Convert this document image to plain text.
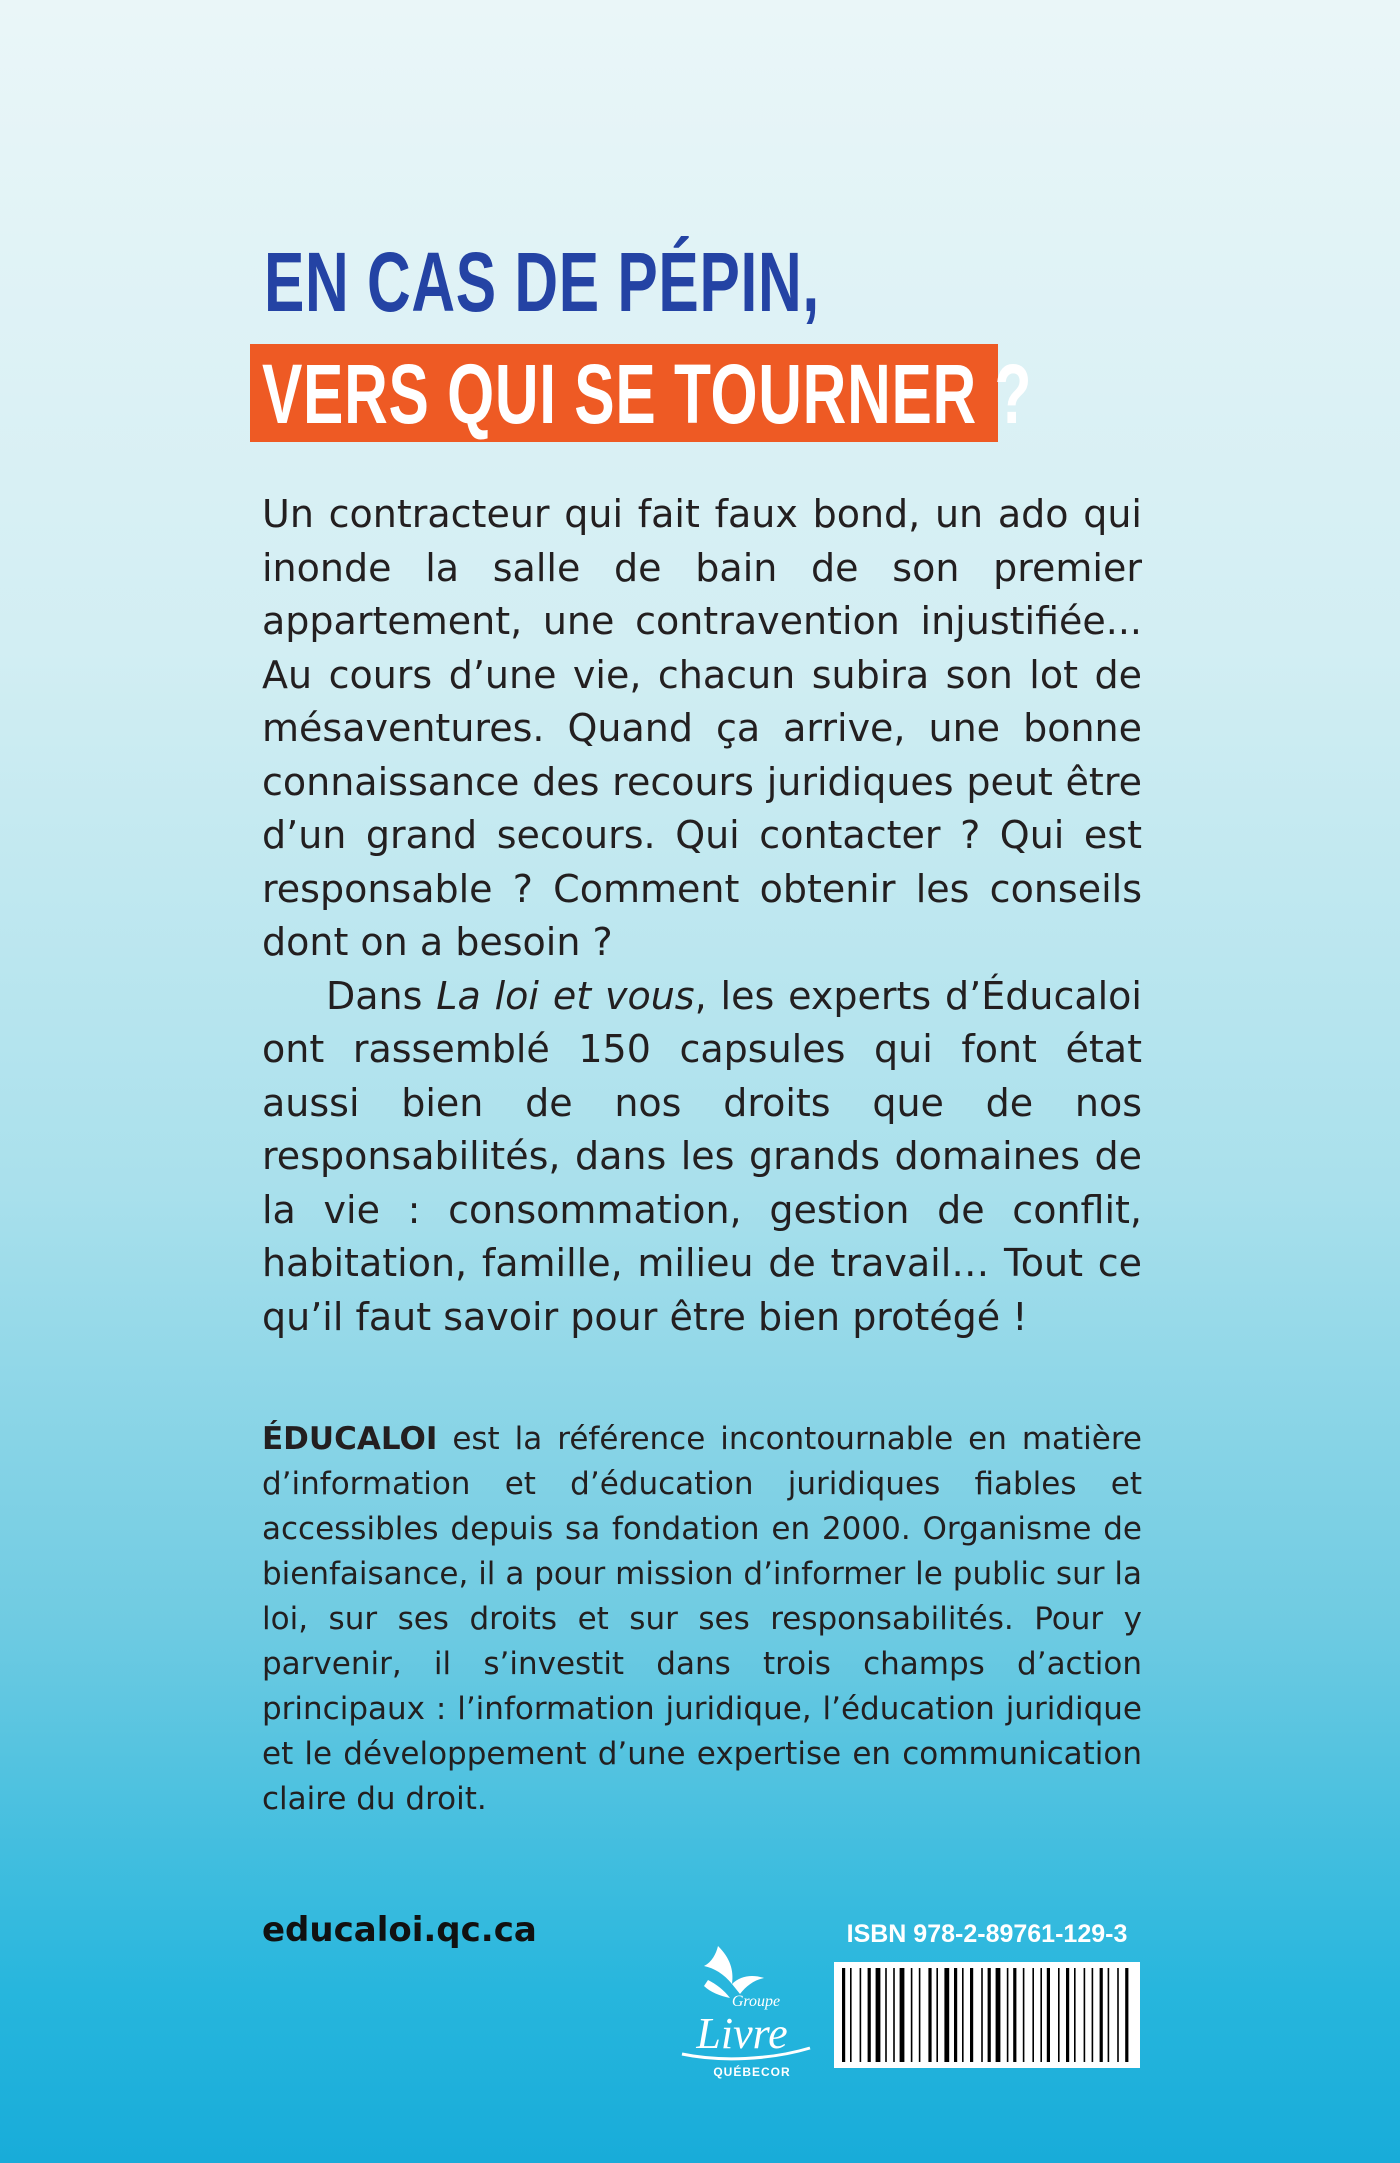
EN CAS DE PÉPIN,
VERS QUI SE TOURNER ?

Un contracteur qui fait faux bond, un ado qui inonde la salle de bain de son premier appartement, une contravention injustifiée... Au cours d’une vie, chacun subira son lot de mésaventures. Quand ça arrive, une bonne connaissance des recours juridiques peut être d’un grand secours. Qui contacter ? Qui est responsable ? Comment obtenir les conseils dont on a besoin ?

Dans La loi et vous, les experts d’Éducaloi ont rassemblé 150 capsules qui font état aussi bien de nos droits que de nos responsabilités, dans les grands domaines de la vie : consommation, gestion de conflit, habitation, famille, milieu de travail… Tout ce qu’il faut savoir pour être bien protégé !

ÉDUCALOI est la référence incontournable en matière d’information et d’éducation juridiques fiables et accessibles depuis sa fondation en 2000. Organisme de bienfaisance, il a pour mission d’informer le public sur la loi, sur ses droits et sur ses responsabilités. Pour y parvenir, il s’investit dans trois champs d’action principaux : l’information juridique, l’éducation juridique et le développement d’une expertise en communication claire du droit.
educaloi.qc.ca
Groupe
Livre
QUÉBECOR
ISBN 978-2-89761-129-3
